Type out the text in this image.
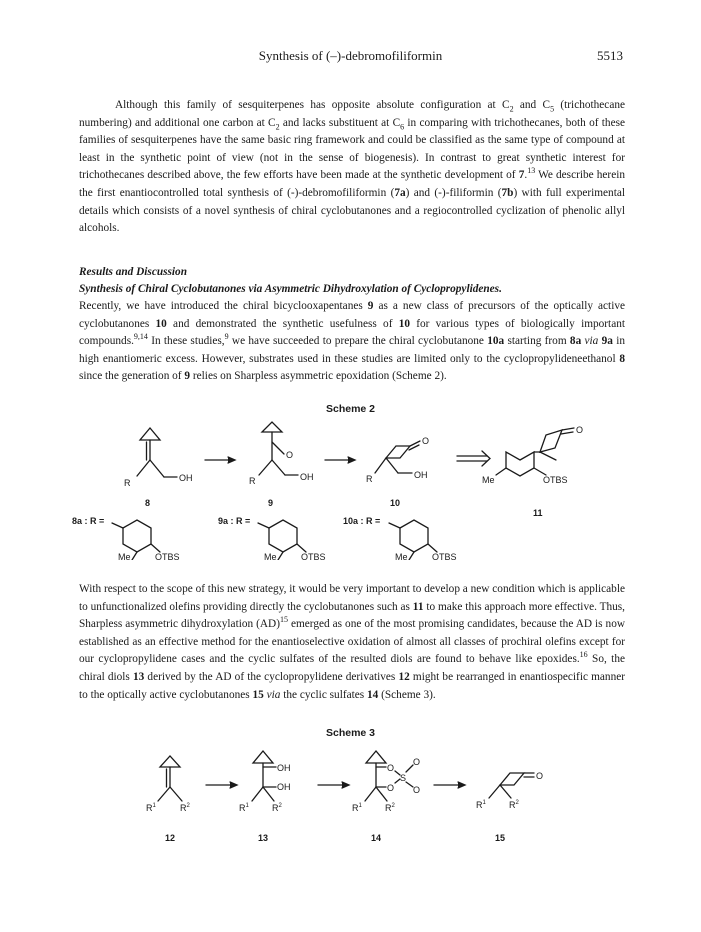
Synthesis of (–)-debromofiliformin	5513

Although this family of sesquiterpenes has opposite absolute configuration at $C_2$ and $C_5$ (trichothecane numbering) and additional one carbon at $C_2$ and lacks substituent at $C_6$ in comparing with trichothecanes, both of these families of sesquiterpenes have the same basic ring framework and could be classified as the same type of compound at least in the synthetic point of view (not in the sense of biogenesis). In contrast to great synthetic interest for trichothecanes described above, the few efforts have been made at the synthetic development of 7.13 We describe herein the first enantiocontrolled total synthesis of (-)-debromofiliformin (7a) and (-)-filiformin (7b) with full experimental details which consists of a novel synthesis of chiral cyclobutanones and a regiocontrolled cyclization of phenolic allyl alcohols.

Results and Discussion

Synthesis of Chiral Cyclobutanones via Asymmetric Dihydroxylation of Cyclopropylidenes.

Recently, we have introduced the chiral bicyclooxapentanes 9 as a new class of precursors of the optically active cyclobutanones 10 and demonstrated the synthetic usefulness of 10 for various types of biologically important compounds.$^{9,14}$ In these studies,$^9$ we have succeeded to prepare the chiral cyclobutanone 10a starting from 8a via 9a in high enantiomeric excess. However, substrates used in these studies are limited only to the cyclopropylideneethanol 8 since the generation of 9 relies on Sharpless asymmetric epoxidation (Scheme 2).

Scheme 2
R	OH
8
O
R	OH
9
O
R	OH
10
O
Me	OTBS
11
8a : R =
Me	OTBS
9a : R =
Me	OTBS
10a : R =
Me	OTBS

With respect to the scope of this new strategy, it would be very important to develop a new condition which is applicable to unfunctionalized olefins providing directly the cyclobutanones such as 11 to make this approach more effective. Thus, Sharpless asymmetric dihydroxylation (AD)$^{15}$ emerged as one of the most promising candidates, because the AD is now established as an effective method for the enantioselective oxidation of almost all classes of prochiral olefins except for our cyclopropylidene cases and the cyclic sulfates of the resulted diols are found to behave like epoxides.$^{16}$ So, the chiral diols 13 derived by the AD of the cyclopropylidene derivatives 12 might be rearranged in enantiospecific manner to the optically active cyclobutanones 15 via the cyclic sulfates 14 (Scheme 3).

Scheme 3
$R^1$	$R^2$
12
OH
OH
$R^1$	$R^2$
13
O
O
S
O
O
$R^1$	$R^2$
14
O
$R^1$	$R^2$
15
